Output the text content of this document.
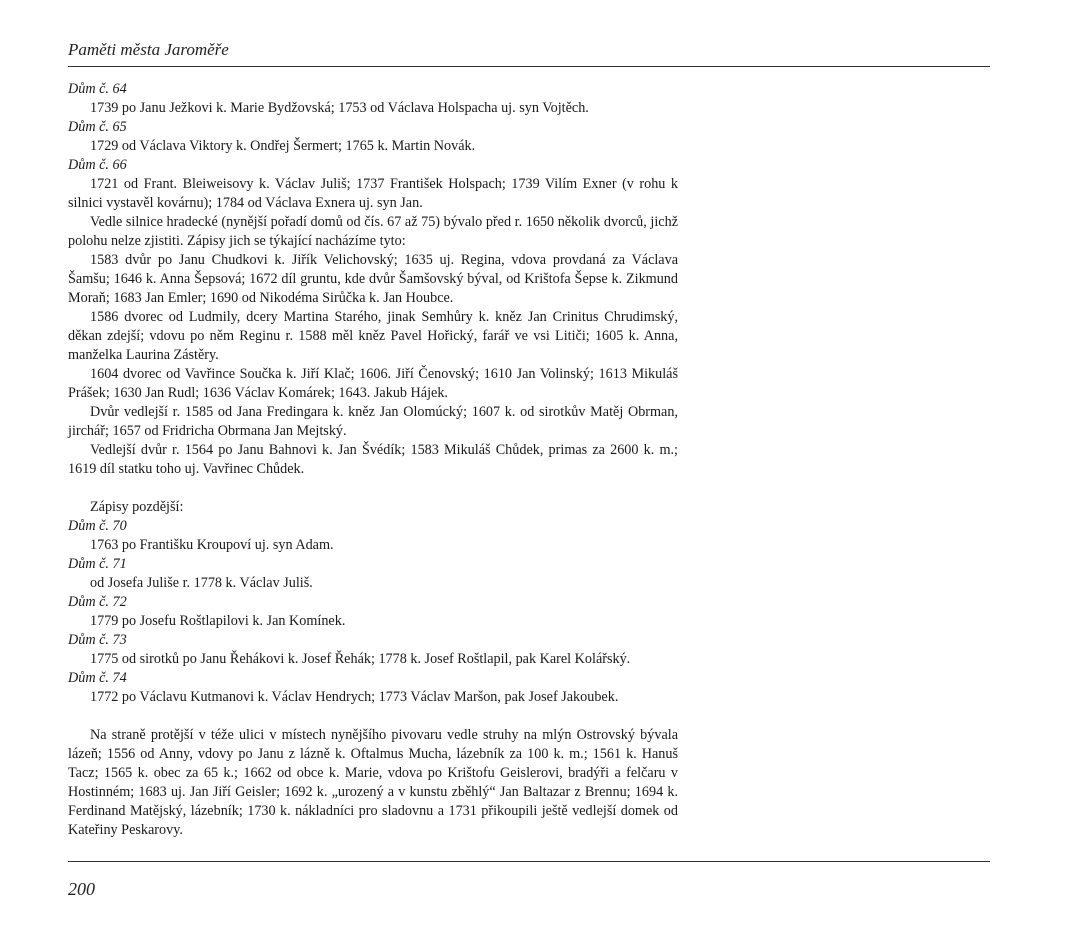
Paměti města Jaroměře

Dům č. 64

1739 po Janu Ježkovi k. Marie Bydžovská; 1753 od Václava Holspacha uj. syn Vojtěch.

Dům č. 65

1729 od Václava Viktory k. Ondřej Šermert; 1765 k. Martin Novák.

Dům č. 66

1721 od Frant. Bleiweisovy k. Václav Juliš; 1737 František Holspach; 1739 Vilím Exner (v rohu k silnici vystavěl kovárnu); 1784 od Václava Exnera uj. syn Jan.

Vedle silnice hradecké (nynější pořadí domů od čís. 67 až 75) bývalo před r. 1650 několik dvorců, jichž polohu nelze zjistiti. Zápisy jich se týkající nacházíme tyto:

1583 dvůr po Janu Chudkovi k. Jiřík Velichovský; 1635 uj. Regina, vdova provdaná za Václava Šamšu; 1646 k. Anna Šepsová; 1672 díl gruntu, kde dvůr Šamšovský býval, od Krištofa Šepse k. Zikmund Moraň; 1683 Jan Emler; 1690 od Nikodéma Sirůčka k. Jan Houbce.

1586 dvorec od Ludmily, dcery Martina Starého, jinak Semhůry k. kněz Jan Crinitus Chrudimský, děkan zdejší; vdovu po něm Reginu r. 1588 měl kněz Pavel Hořický, farář ve vsi Litiči; 1605 k. Anna, manželka Laurina Zástěry.

1604 dvorec od Vavřince Součka k. Jiří Klač; 1606. Jiří Čenovský; 1610 Jan Volinský; 1613 Mikuláš Prášek; 1630 Jan Rudl; 1636 Václav Komárek; 1643. Jakub Hájek.

Dvůr vedlejší r. 1585 od Jana Fredingara k. kněz Jan Olomúcký; 1607 k. od sirotkův Matěj Obrman, jirchář; 1657 od Fridricha Obrmana Jan Mejtský.

Vedlejší dvůr r. 1564 po Janu Bahnovi k. Jan Švédík; 1583 Mikuláš Chůdek, primas za 2600 k. m.; 1619 díl statku toho uj. Vavřinec Chůdek.

Zápisy pozdější:

Dům č. 70

1763 po Františku Kroupoví uj. syn Adam.

Dům č. 71

od Josefa Juliše r. 1778 k. Václav Juliš.

Dům č. 72

1779 po Josefu Roštlapilovi k. Jan Komínek.

Dům č. 73

1775 od sirotků po Janu Řehákovi k. Josef Řehák; 1778 k. Josef Roštlapil, pak Karel Kolářský.

Dům č. 74

1772 po Václavu Kutmanovi k. Václav Hendrych; 1773 Václav Maršon, pak Josef Jakoubek.

Na straně protější v téže ulici v místech nynějšího pivovaru vedle struhy na mlýn Ostrovský bývala lázeň; 1556 od Anny, vdovy po Janu z lázně k. Oftalmus Mucha, lázebník za 100 k. m.; 1561 k. Hanuš Tacz; 1565 k. obec za 65 k.; 1662 od obce k. Marie, vdova po Krištofu Geislerovi, bradýři a felčaru v Hostinném; 1683 uj. Jan Jiří Geisler; 1692 k. „urozený a v kunstu zběhlý“ Jan Baltazar z Brennu; 1694 k. Ferdinand Matějský, lázebník; 1730 k. nákladníci pro sladovnu a 1731 přikoupili ještě vedlejší domek od Kateřiny Peskarovy.

200
